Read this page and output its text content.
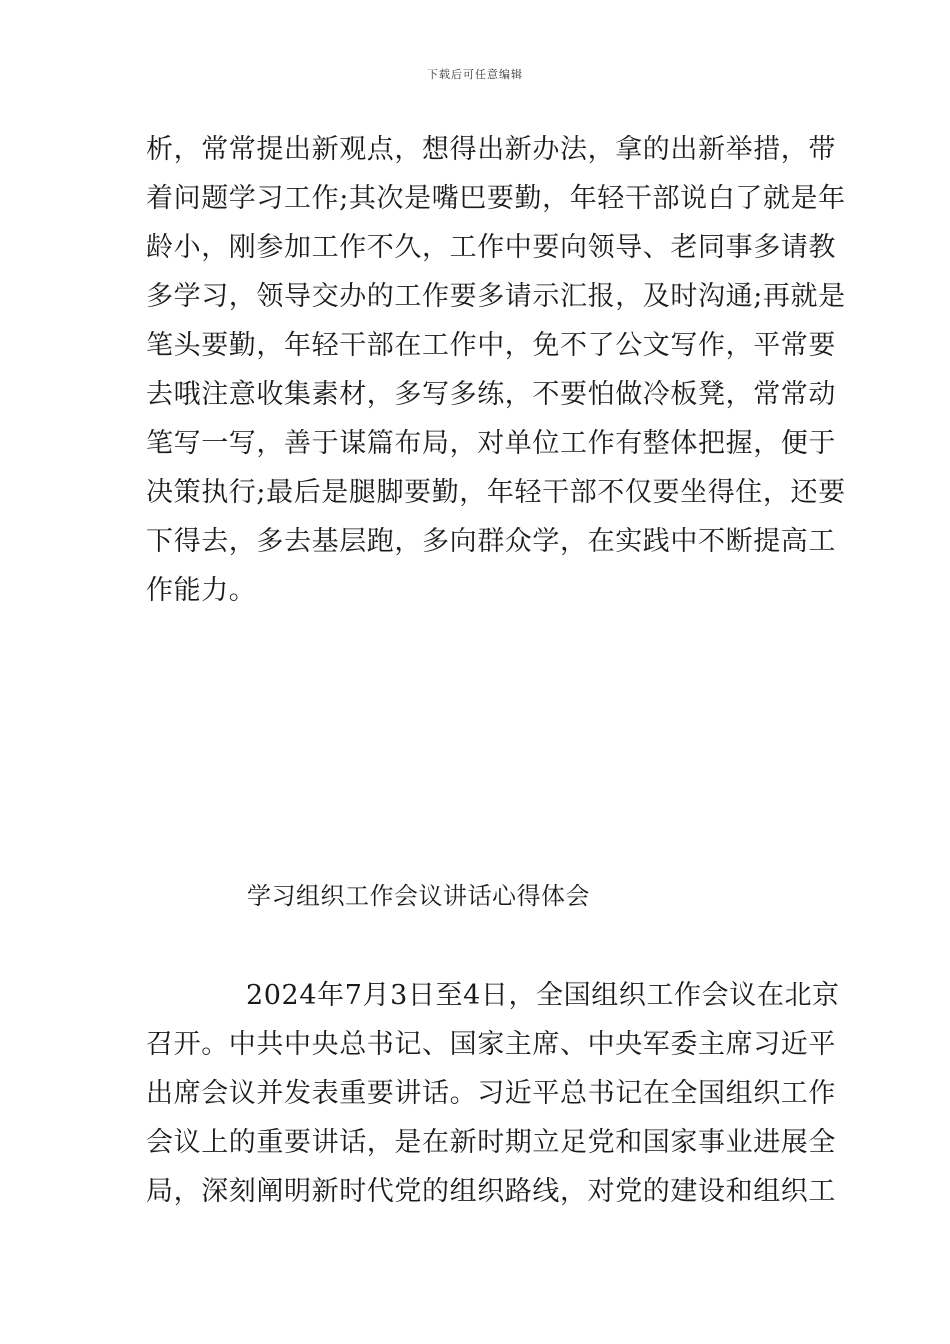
下载后可任意编辑
析，常常提出新观点，想得出新办法，拿的出新举措，带
着问题学习工作;其次是嘴巴要勤，年轻干部说白了就是年
龄小，刚参加工作不久，工作中要向领导、老同事多请教
多学习，领导交办的工作要多请示汇报，及时沟通;再就是
笔头要勤，年轻干部在工作中，免不了公文写作，平常要
去哦注意收集素材，多写多练，不要怕做冷板凳，常常动
笔写一写，善于谋篇布局，对单位工作有整体把握，便于
决策执行;最后是腿脚要勤，年轻干部不仅要坐得住，还要
下得去，多去基层跑，多向群众学，在实践中不断提高工
作能力。
学习组织工作会议讲话心得体会
2024年7月3日至4日，全国组织工作会议在北京
召开。中共中央总书记、国家主席、中央军委主席习近平
出席会议并发表重要讲话。习近平总书记在全国组织工作
会议上的重要讲话，是在新时期立足党和国家事业进展全
局，深刻阐明新时代党的组织路线，对党的建设和组织工
